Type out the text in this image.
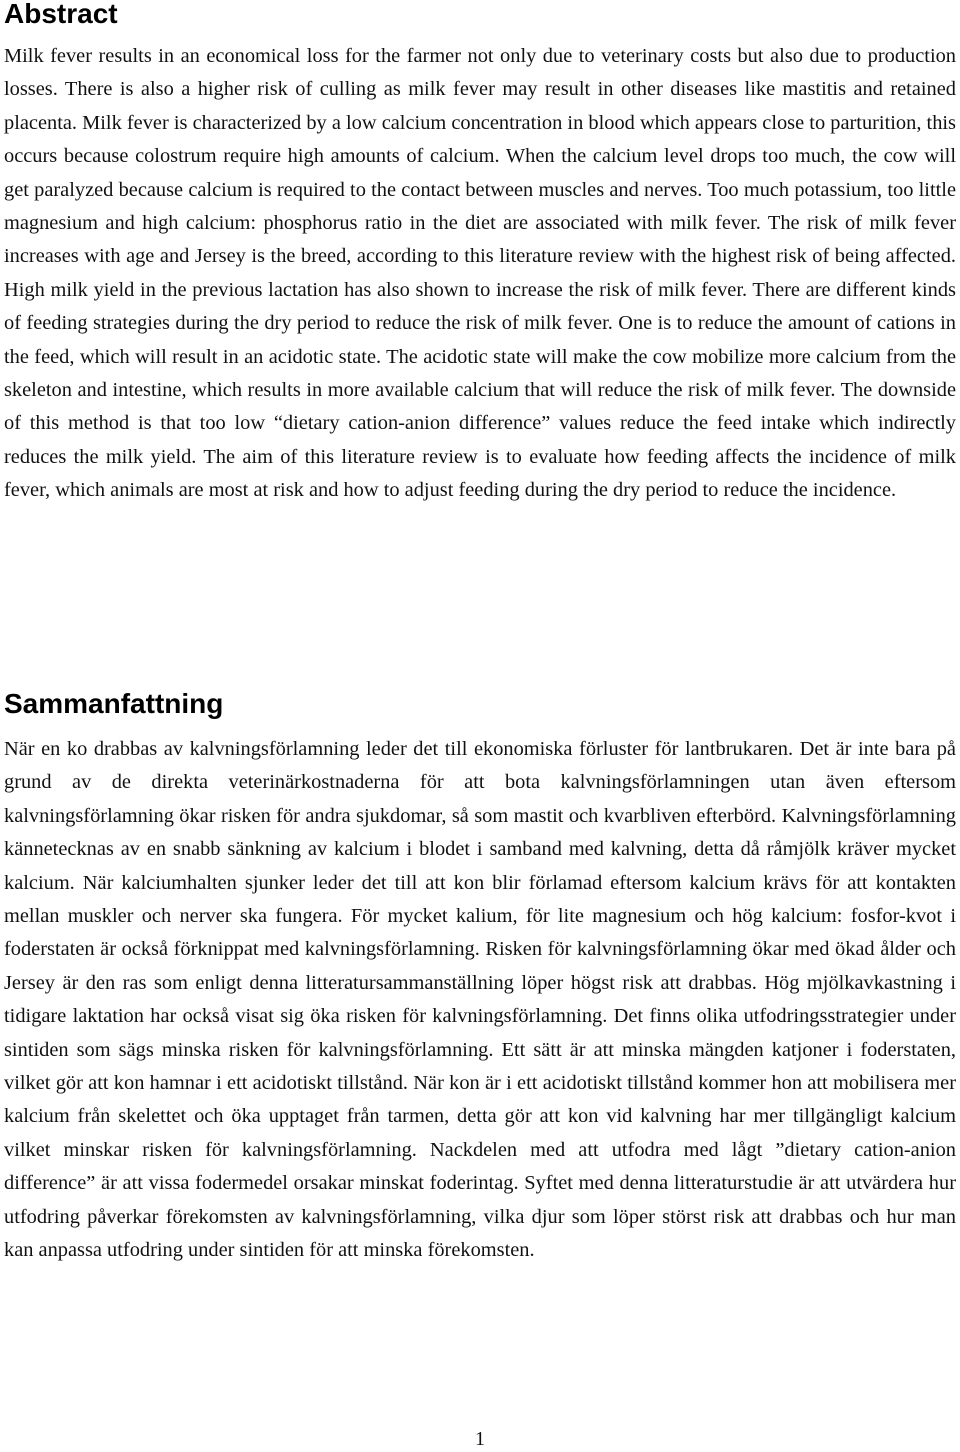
Abstract

Milk fever results in an economical loss for the farmer not only due to veterinary costs but also due to production losses. There is also a higher risk of culling as milk fever may result in other diseases like mastitis and retained placenta. Milk fever is characterized by a low calcium concentration in blood which appears close to parturition, this occurs because colostrum require high amounts of calcium. When the calcium level drops too much, the cow will get paralyzed because calcium is required to the contact between muscles and nerves. Too much potassium, too little magnesium and high calcium: phosphorus ratio in the diet are associated with milk fever. The risk of milk fever increases with age and Jersey is the breed, according to this literature review with the highest risk of being affected. High milk yield in the previous lactation has also shown to increase the risk of milk fever. There are different kinds of feeding strategies during the dry period to reduce the risk of milk fever. One is to reduce the amount of cations in the feed, which will result in an acidotic state. The acidotic state will make the cow mobilize more calcium from the skeleton and intestine, which results in more available calcium that will reduce the risk of milk fever. The downside of this method is that too low “dietary cation-anion difference” values reduce the feed intake which indirectly reduces the milk yield. The aim of this literature review is to evaluate how feeding affects the incidence of milk fever, which animals are most at risk and how to adjust feeding during the dry period to reduce the incidence.

Sammanfattning

När en ko drabbas av kalvningsförlamning leder det till ekonomiska förluster för lantbrukaren. Det är inte bara på grund av de direkta veterinärkostnaderna för att bota kalvningsförlamningen utan även eftersom kalvningsförlamning ökar risken för andra sjukdomar, så som mastit och kvarbliven efterbörd. Kalvningsförlamning kännetecknas av en snabb sänkning av kalcium i blodet i samband med kalvning, detta då råmjölk kräver mycket kalcium. När kalciumhalten sjunker leder det till att kon blir förlamad eftersom kalcium krävs för att kontakten mellan muskler och nerver ska fungera. För mycket kalium, för lite magnesium och hög kalcium: fosfor-kvot i foderstaten är också förknippat med kalvningsförlamning. Risken för kalvningsförlamning ökar med ökad ålder och Jersey är den ras som enligt denna litteratursammanställning löper högst risk att drabbas. Hög mjölkavkastning i tidigare laktation har också visat sig öka risken för kalvningsförlamning. Det finns olika utfodringsstrategier under sintiden som sägs minska risken för kalvningsförlamning. Ett sätt är att minska mängden katjoner i foderstaten, vilket gör att kon hamnar i ett acidotiskt tillstånd. När kon är i ett acidotiskt tillstånd kommer hon att mobilisera mer kalcium från skelettet och öka upptaget från tarmen, detta gör att kon vid kalvning har mer tillgängligt kalcium vilket minskar risken för kalvningsförlamning. Nackdelen med att utfodra med lågt ”dietary cation-anion difference” är att vissa fodermedel orsakar minskat foderintag. Syftet med denna litteraturstudie är att utvärdera hur utfodring påverkar förekomsten av kalvningsförlamning, vilka djur som löper störst risk att drabbas och hur man kan anpassa utfodring under sintiden för att minska förekomsten.

1
